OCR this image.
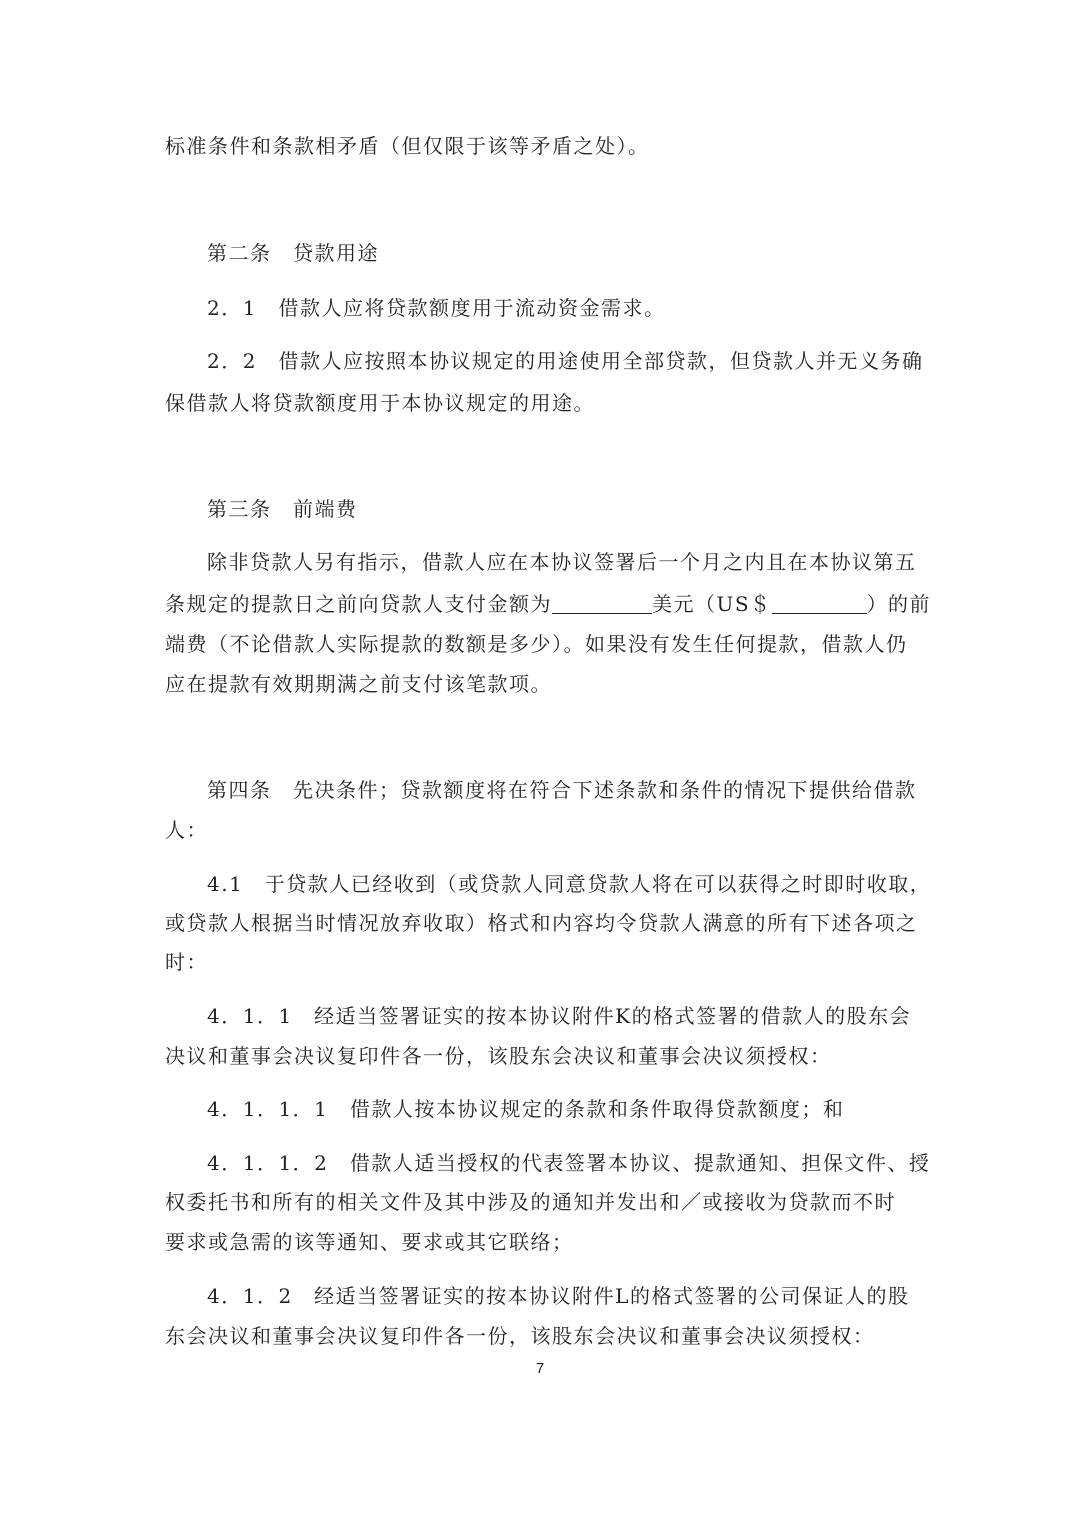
标准条件和条款相矛盾（但仅限于该等矛盾之处）。
第二条　贷款用途
2．1　借款人应将贷款额度用于流动资金需求。
2．2　借款人应按照本协议规定的用途使用全部贷款，但贷款人并无义务确
保借款人将贷款额度用于本协议规定的用途。
第三条　前端费
除非贷款人另有指示，借款人应在本协议签署后一个月之内且在本协议第五
条规定的提款日之前向贷款人支付金额为	美元（US＄	）的前
端费（不论借款人实际提款的数额是多少）。如果没有发生任何提款，借款人仍
应在提款有效期期满之前支付该笔款项。
第四条　先决条件；贷款额度将在符合下述条款和条件的情况下提供给借款
人：
4.1　于贷款人已经收到（或贷款人同意贷款人将在可以获得之时即时收取，
或贷款人根据当时情况放弃收取）格式和内容均令贷款人满意的所有下述各项之
时：
4．1．1　经适当签署证实的按本协议附件K的格式签署的借款人的股东会
决议和董事会决议复印件各一份，该股东会决议和董事会决议须授权：
4．1．1．1　借款人按本协议规定的条款和条件取得贷款额度；和
4．1．1．2　借款人适当授权的代表签署本协议、提款通知、担保文件、授
权委托书和所有的相关文件及其中涉及的通知并发出和／或接收为贷款而不时
要求或急需的该等通知、要求或其它联络；
4．1．2　经适当签署证实的按本协议附件L的格式签署的公司保证人的股
东会决议和董事会决议复印件各一份，该股东会决议和董事会决议须授权：
7
